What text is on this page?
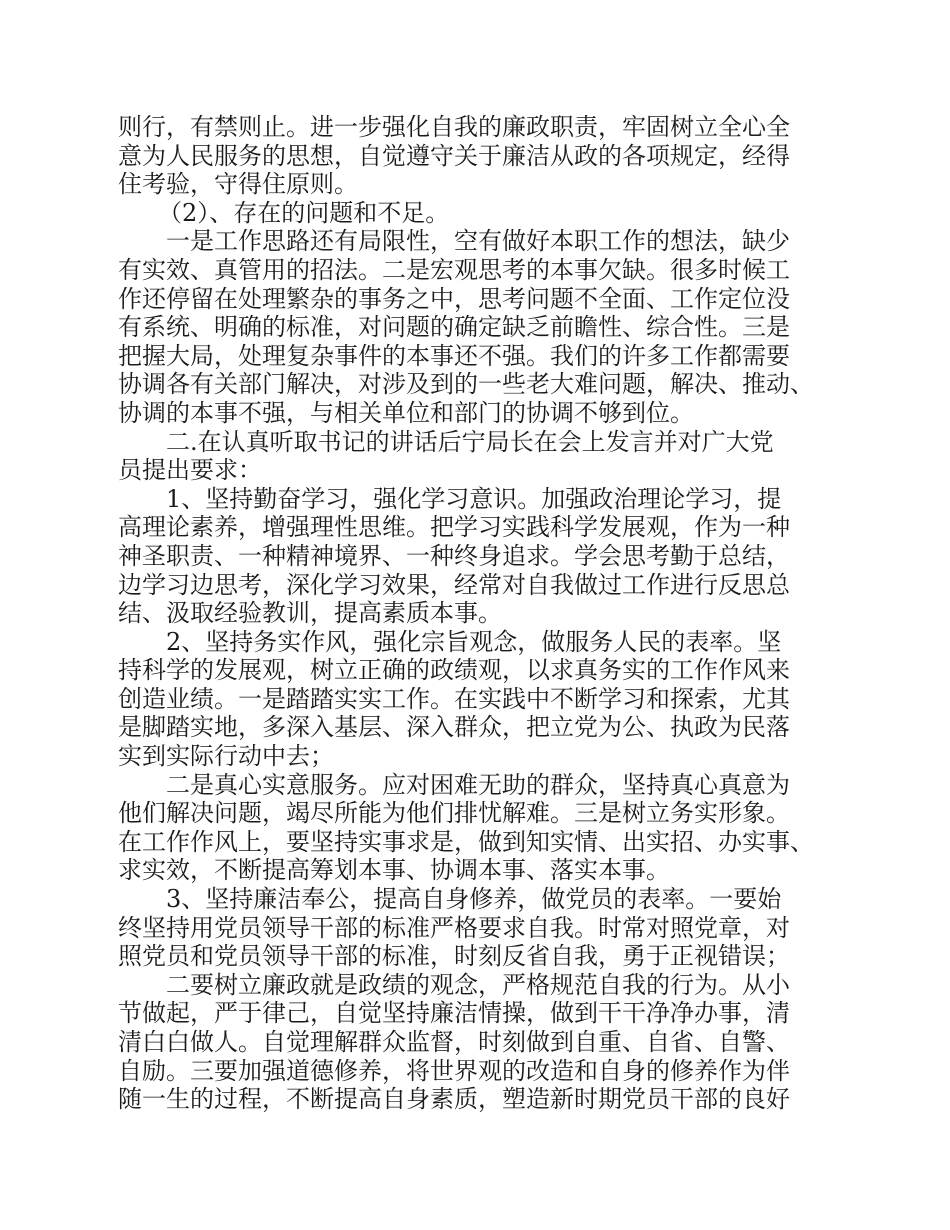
则行，有禁则止。进一步强化自我的廉政职责，牢固树立全心全
意为人民服务的思想，自觉遵守关于廉洁从政的各项规定，经得
住考验，守得住原则。
（2）、存在的问题和不足。
一是工作思路还有局限性，空有做好本职工作的想法，缺少
有实效、真管用的招法。二是宏观思考的本事欠缺。很多时候工
作还停留在处理繁杂的事务之中，思考问题不全面、工作定位没
有系统、明确的标准，对问题的确定缺乏前瞻性、综合性。三是
把握大局，处理复杂事件的本事还不强。我们的许多工作都需要
协调各有关部门解决，对涉及到的一些老大难问题，解决、推动、
协调的本事不强，与相关单位和部门的协调不够到位。
二.在认真听取书记的讲话后宁局长在会上发言并对广大党
员提出要求：
1、坚持勤奋学习，强化学习意识。加强政治理论学习，提
高理论素养，增强理性思维。把学习实践科学发展观，作为一种
神圣职责、一种精神境界、一种终身追求。学会思考勤于总结，
边学习边思考，深化学习效果，经常对自我做过工作进行反思总
结、汲取经验教训，提高素质本事。
2、坚持务实作风，强化宗旨观念，做服务人民的表率。坚
持科学的发展观，树立正确的政绩观，以求真务实的工作作风来
创造业绩。一是踏踏实实工作。在实践中不断学习和探索，尤其
是脚踏实地，多深入基层、深入群众，把立党为公、执政为民落
实到实际行动中去；
二是真心实意服务。应对困难无助的群众，坚持真心真意为
他们解决问题，竭尽所能为他们排忧解难。三是树立务实形象。
在工作作风上，要坚持实事求是，做到知实情、出实招、办实事、
求实效，不断提高筹划本事、协调本事、落实本事。
3、坚持廉洁奉公，提高自身修养，做党员的表率。一要始
终坚持用党员领导干部的标准严格要求自我。时常对照党章，对
照党员和党员领导干部的标准，时刻反省自我，勇于正视错误；
二要树立廉政就是政绩的观念，严格规范自我的行为。从小
节做起，严于律己，自觉坚持廉洁情操，做到干干净净办事，清
清白白做人。自觉理解群众监督，时刻做到自重、自省、自警、
自励。三要加强道德修养，将世界观的改造和自身的修养作为伴
随一生的过程，不断提高自身素质，塑造新时期党员干部的良好
